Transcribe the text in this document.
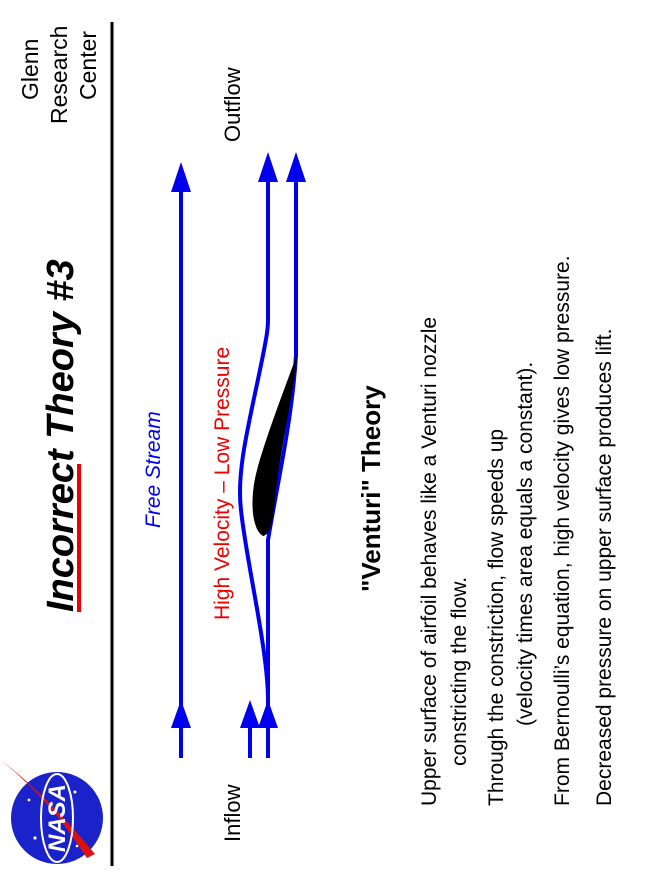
NASA
Incorrect Theory #3
Glenn Research Center
Inflow
Outflow
Free Stream High Velocity – Low Pressure	"Venturi" Theory Upper surface of airfoil behaves like a Venturi nozzle constricting the flow. Through the constriction, flow speeds up (velocity times area equals a constant). From Bernoulli’s equation, high velocity gives low pressure. Decreased pressure on upper surface produces lift.
